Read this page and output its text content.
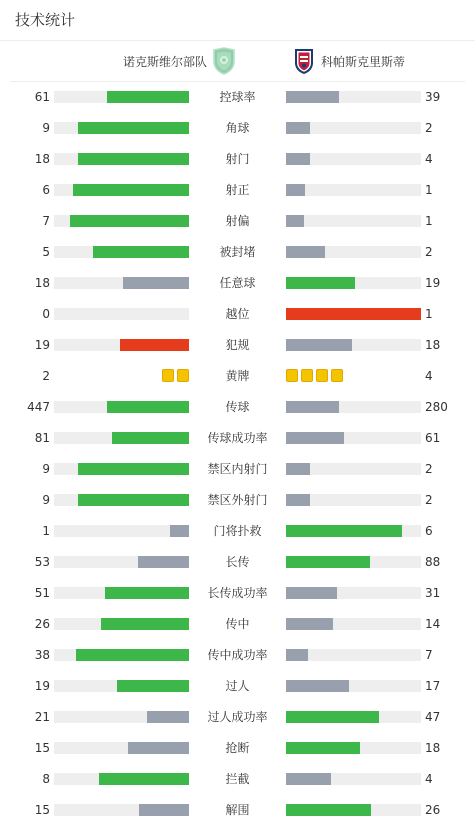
技术统计
诺克斯维尔部队	科帕斯克里斯蒂
61	控球率	39
9	角球	2
18	射门	4
6	射正	1
7	射偏	1
5	被封堵	2
18	任意球	19
0	越位	1
19	犯规	18
2	黄牌	4
447	传球	280
81	传球成功率	61
9	禁区内射门	2
9	禁区外射门	2
1	门将扑救	6
53	长传	88
51	长传成功率	31
26	传中	14
38	传中成功率	7
19	过人	17
21	过人成功率	47
15	抢断	18
8	拦截	4
15	解围	26
